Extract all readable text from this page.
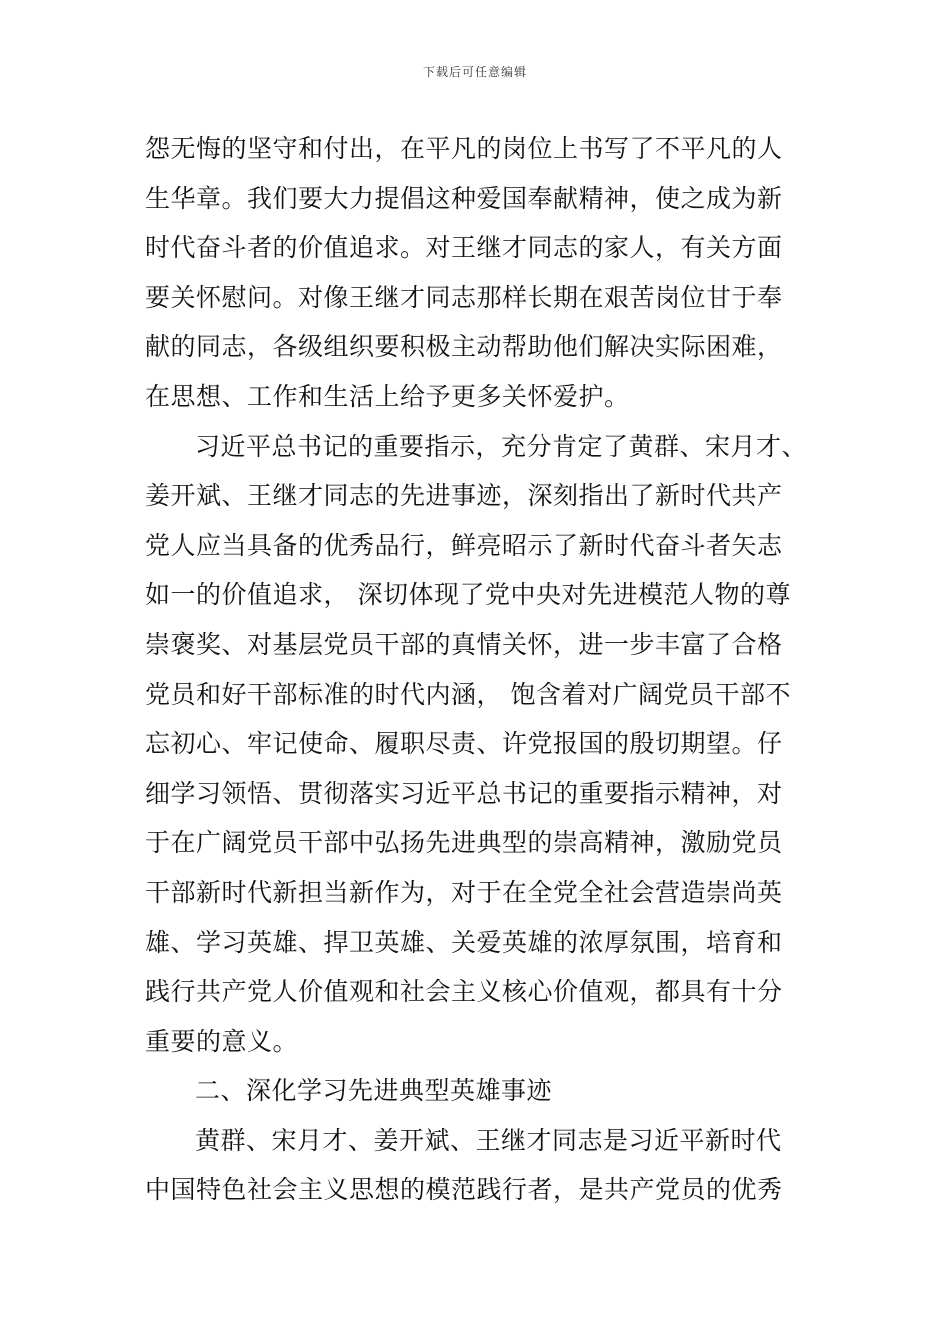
下载后可任意编辑
怨无悔的坚守和付出，在平凡的岗位上书写了不平凡的人
生华章。我们要大力提倡这种爱国奉献精神，使之成为新
时代奋斗者的价值追求。对王继才同志的家人，有关方面
要关怀慰问。对像王继才同志那样长期在艰苦岗位甘于奉
献的同志，各级组织要积极主动帮助他们解决实际困难，
在思想、工作和生活上给予更多关怀爱护。
习近平总书记的重要指示，充分肯定了黄群、宋月才、
姜开斌、王继才同志的先进事迹，深刻指出了新时代共产
党人应当具备的优秀品行，鲜亮昭示了新时代奋斗者矢志
如一的价值追求， 深切体现了党中央对先进模范人物的尊
崇褒奖、对基层党员干部的真情关怀，进一步丰富了合格
党员和好干部标准的时代内涵， 饱含着对广阔党员干部不
忘初心、牢记使命、履职尽责、许党报国的殷切期望。仔
细学习领悟、贯彻落实习近平总书记的重要指示精神，对
于在广阔党员干部中弘扬先进典型的崇高精神，激励党员
干部新时代新担当新作为，对于在全党全社会营造崇尚英
雄、学习英雄、捍卫英雄、关爱英雄的浓厚氛围，培育和
践行共产党人价值观和社会主义核心价值观，都具有十分
重要的意义。
二、深化学习先进典型英雄事迹
黄群、宋月才、姜开斌、王继才同志是习近平新时代
中国特色社会主义思想的模范践行者，是共产党员的优秀
